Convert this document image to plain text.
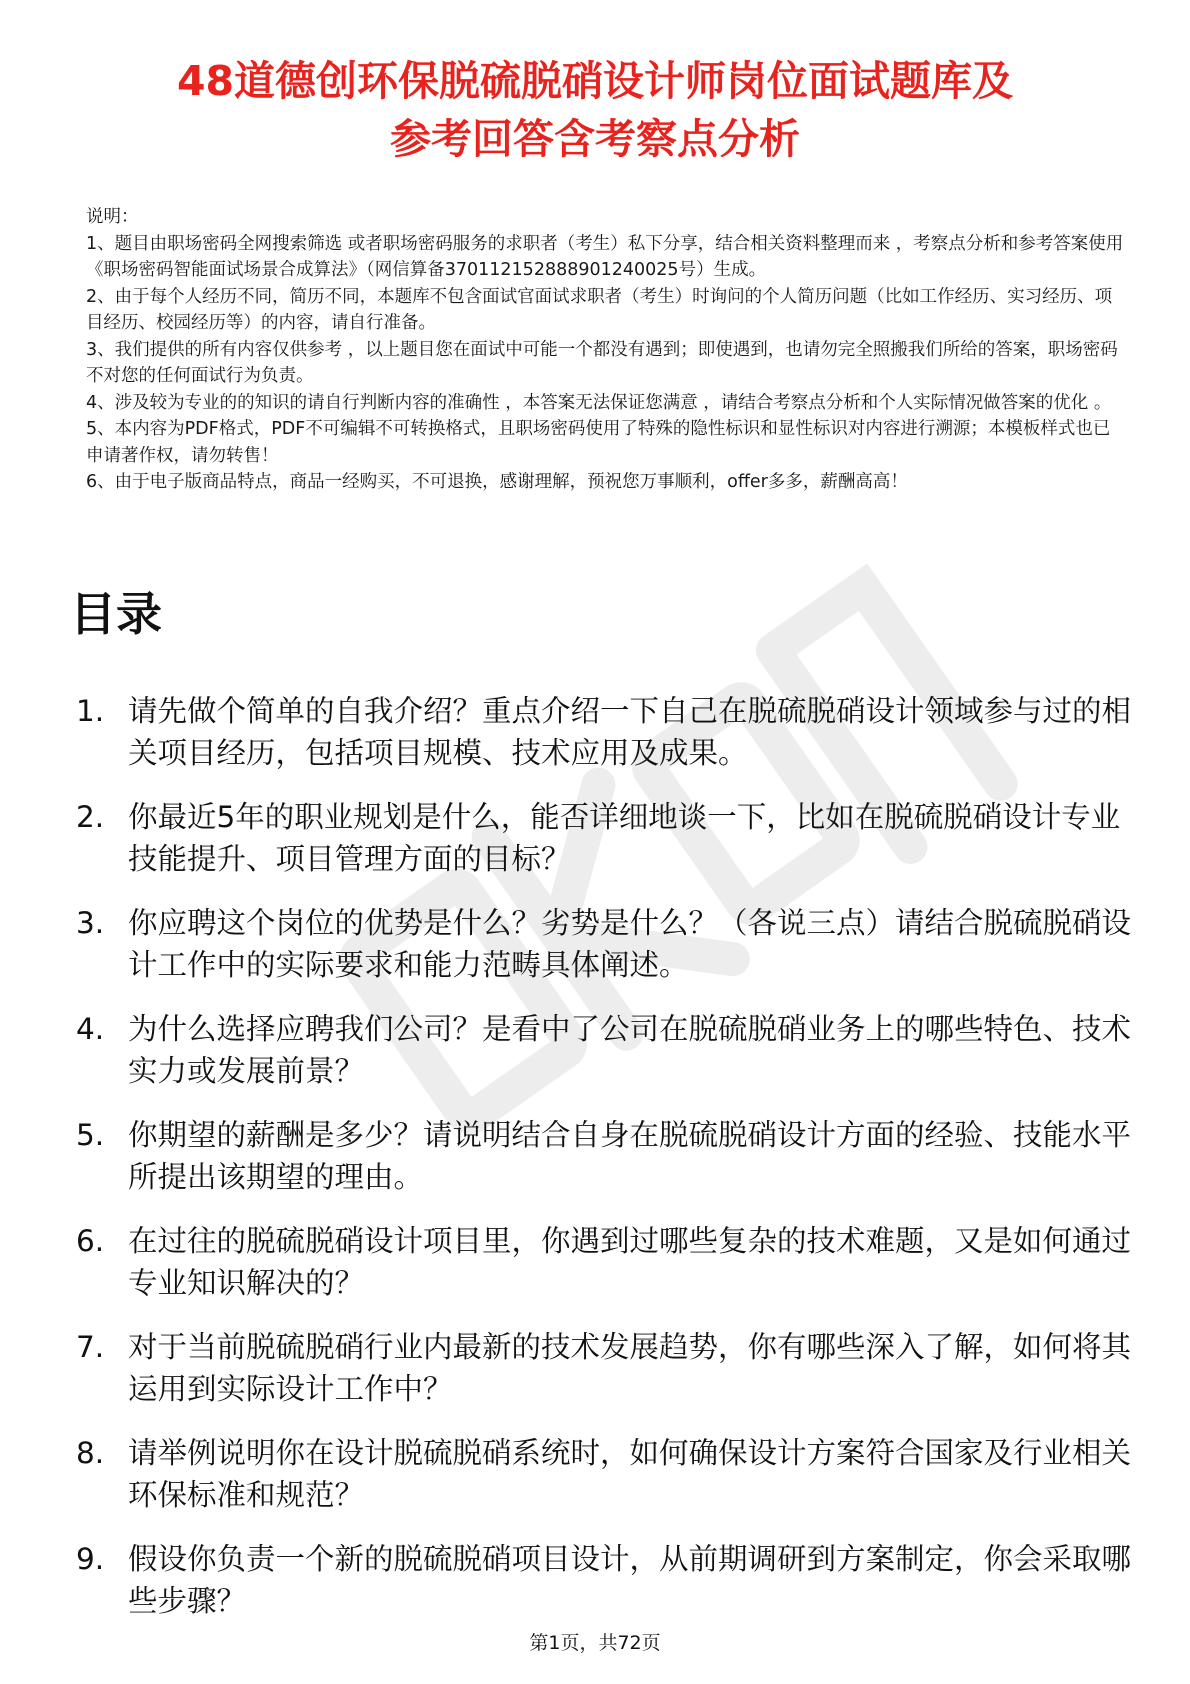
48道德创环保脱硫脱硝设计师岗位面试题库及
参考回答含考察点分析

说明：

1、题目由职场密码全网搜索筛选 或者职场密码服务的求职者（考生）私下分享，结合相关资料整理而来 ，考察点分析和参考答案使用《职场密码智能面试场景合成算法》（网信算备370112152888901240025号）生成。

2、由于每个人经历不同，简历不同，本题库不包含面试官面试求职者（考生）时询问的个人简历问题（比如工作经历、实习经历、项目经历、校园经历等）的内容，请自行准备。

3、我们提供的所有内容仅供参考 ，以上题目您在面试中可能一个都没有遇到；即使遇到，也请勿完全照搬我们所给的答案，职场密码不对您的任何面试行为负责。

4、涉及较为专业的的知识的请自行判断内容的准确性 ，本答案无法保证您满意 ，请结合考察点分析和个人实际情况做答案的优化 。

5、本内容为PDF格式，PDF不可编辑不可转换格式，且职场密码使用了特殊的隐性标识和显性标识对内容进行溯源；本模板样式也已申请著作权，请勿转售！

6、由于电子版商品特点，商品一经购买，不可退换，感谢理解，预祝您万事顺利，offer多多，薪酬高高！

目录
1. 请先做个简单的自我介绍？重点介绍一下自己在脱硫脱硝设计领域参与过的相关项目经历，包括项目规模、技术应用及成果。
2. 你最近5年的职业规划是什么，能否详细地谈一下，比如在脱硫脱硝设计专业技能提升、项目管理方面的目标？
3. 你应聘这个岗位的优势是什么？劣势是什么？（各说三点）请结合脱硫脱硝设计工作中的实际要求和能力范畴具体阐述。
4. 为什么选择应聘我们公司？是看中了公司在脱硫脱硝业务上的哪些特色、技术实力或发展前景？
5. 你期望的薪酬是多少？请说明结合自身在脱硫脱硝设计方面的经验、技能水平所提出该期望的理由。
6. 在过往的脱硫脱硝设计项目里，你遇到过哪些复杂的技术难题，又是如何通过专业知识解决的？
7. 对于当前脱硫脱硝行业内最新的技术发展趋势，你有哪些深入了解，如何将其运用到实际设计工作中？
8. 请举例说明你在设计脱硫脱硝系统时，如何确保设计方案符合国家及行业相关环保标准和规范？
9. 假设你负责一个新的脱硫脱硝项目设计，从前期调研到方案制定，你会采取哪些步骤？
第1页，共72页
